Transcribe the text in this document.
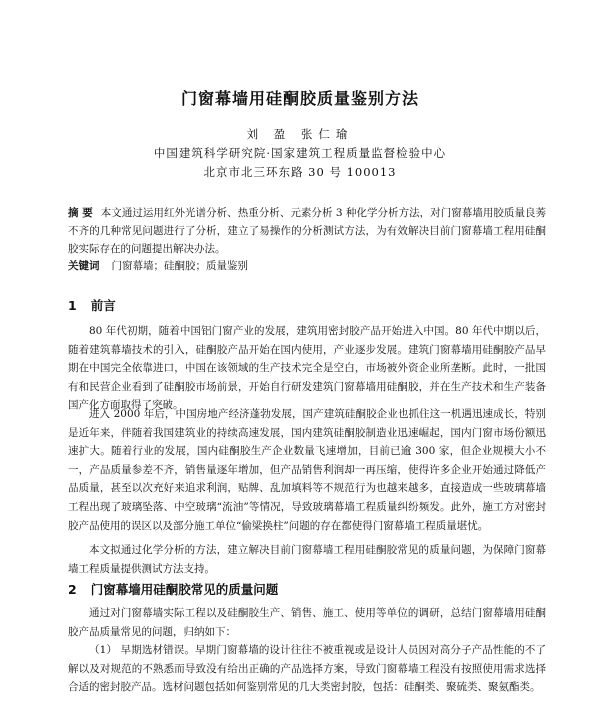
门窗幕墙用硅酮胶质量鉴别方法
刘 盈 张仁瑜
中国建筑科学研究院·国家建筑工程质量监督检验中心
北京市北三环东路 30 号 100013
摘 要 本文通过运用红外光谱分析、热重分析、元素分析 3 种化学分析方法，对门窗幕墙用胶质量良莠不齐的几种常见问题进行了分析，建立了易操作的分析测试方法，为有效解决目前门窗幕墙工程用硅酮胶实际存在的问题提出解决办法。
关键词 门窗幕墙；硅酮胶；质量鉴别
1 前言

80 年代初期，随着中国铝门窗产业的发展，建筑用密封胶产品开始进入中国。80 年代中期以后，随着建筑幕墙技术的引入，硅酮胶产品开始在国内使用，产业逐步发展。建筑门窗幕墙用硅酮胶产品早期在中国完全依靠进口，中国在该领域的生产技术完全是空白，市场被外资企业所垄断。此时，一批国有和民营企业看到了硅酮胶市场前景，开始自行研发建筑门窗幕墙用硅酮胶，并在生产技术和生产装备国产化方面取得了突破。

进入 2000 年后，中国房地产经济蓬勃发展，国产建筑硅酮胶企业也抓住这一机遇迅速成长，特别是近年来，伴随着我国建筑业的持续高速发展，国内建筑硅酮胶制造业迅速崛起，国内门窗市场份额迅速扩大。随着行业的发展，国内硅酮胶生产企业数量飞速增加，目前已逾 300 家，但企业规模大小不一，产品质量参差不齐，销售量逐年增加，但产品销售利润却一再压缩，使得许多企业开始通过降低产品质量，甚至以次充好来追求利润，贴牌、乱加填料等不规范行为也越来越多，直接造成一些玻璃幕墙工程出现了玻璃坠落、中空玻璃“流油”等情况，导致玻璃幕墙工程质量纠纷频发。此外，施工方对密封胶产品使用的误区以及部分施工单位“偷梁换柱”问题的存在都使得门窗幕墙工程质量堪忧。

本文拟通过化学分析的方法，建立解决目前门窗幕墙工程用硅酮胶常见的质量问题，为保障门窗幕墙工程质量提供测试方法支持。

2 门窗幕墙用硅酮胶常见的质量问题

通过对门窗幕墙实际工程以及硅酮胶生产、销售、施工、使用等单位的调研，总结门窗幕墙用硅酮胶产品质量常见的问题，归纳如下：

（1） 早期选材错误。早期门窗幕墙的设计往往不被重视或是设计人员因对高分子产品性能的不了解以及对规范的不熟悉而导致没有给出正确的产品选择方案，导致门窗幕墙工程没有按照使用需求选择合适的密封胶产品。选材问题包括如何鉴别常见的几大类密封胶，包括：硅酮类、聚硫类、聚氨酯类。
